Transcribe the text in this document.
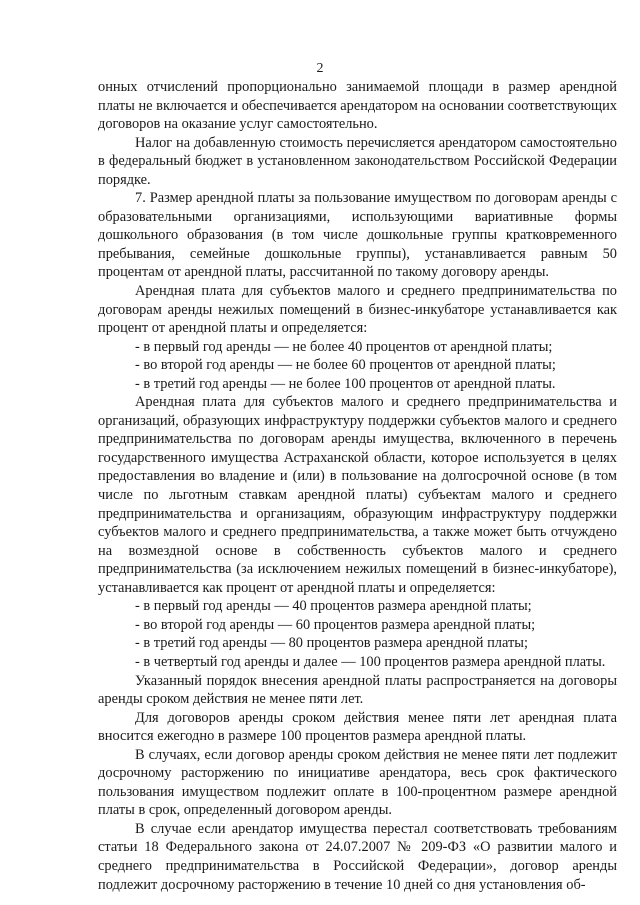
2

онных отчислений пропорционально занимаемой площади в размер арендной платы не включается и обеспечивается арендатором на основании соответствующих договоров на оказание услуг самостоятельно.

Налог на добавленную стоимость перечисляется арендатором самостоятельно в федеральный бюджет в установленном законодательством Российской Федерации порядке.

7. Размер арендной платы за пользование имуществом по договорам аренды с образовательными организациями, использующими вариативные формы дошкольного образования (в том числе дошкольные группы кратковременного пребывания, семейные дошкольные группы), устанавливается равным 50 процентам от арендной платы, рассчитанной по такому договору аренды.

Арендная плата для субъектов малого и среднего предпринимательства по договорам аренды нежилых помещений в бизнес-инкубаторе устанавливается как процент от арендной платы и определяется:

- в первый год аренды — не более 40 процентов от арендной платы;

- во второй год аренды — не более 60 процентов от арендной платы;

- в третий год аренды — не более 100 процентов от арендной платы.

Арендная плата для субъектов малого и среднего предпринимательства и организаций, образующих инфраструктуру поддержки субъектов малого и среднего предпринимательства по договорам аренды имущества, включенного в перечень государственного имущества Астраханской области, которое используется в целях предоставления во владение и (или) в пользование на долгосрочной основе (в том числе по льготным ставкам арендной платы) субъектам малого и среднего предпринимательства и организациям, образующим инфраструктуру поддержки субъектов малого и среднего предпринимательства, а также может быть отчуждено на возмездной основе в собственность субъектов малого и среднего предпринимательства (за исключением нежилых помещений в бизнес-инкубаторе), устанавливается как процент от арендной платы и определяется:

- в первый год аренды — 40 процентов размера арендной платы;

- во второй год аренды — 60 процентов размера арендной платы;

- в третий год аренды — 80 процентов размера арендной платы;

- в четвертый год аренды и далее — 100 процентов размера арендной платы.

Указанный порядок внесения арендной платы распространяется на договоры аренды сроком действия не менее пяти лет.

Для договоров аренды сроком действия менее пяти лет арендная плата вносится ежегодно в размере 100 процентов размера арендной платы.

В случаях, если договор аренды сроком действия не менее пяти лет подлежит досрочному расторжению по инициативе арендатора, весь срок фактического пользования имуществом подлежит оплате в 100-процентном размере арендной платы в срок, определенный договором аренды.

В случае если арендатор имущества перестал соответствовать требованиям статьи 18 Федерального закона от 24.07.2007 № 209-ФЗ «О развитии малого и среднего предпринимательства в Российской Федерации», договор аренды подлежит досрочному расторжению в течение 10 дней со дня установления об-
